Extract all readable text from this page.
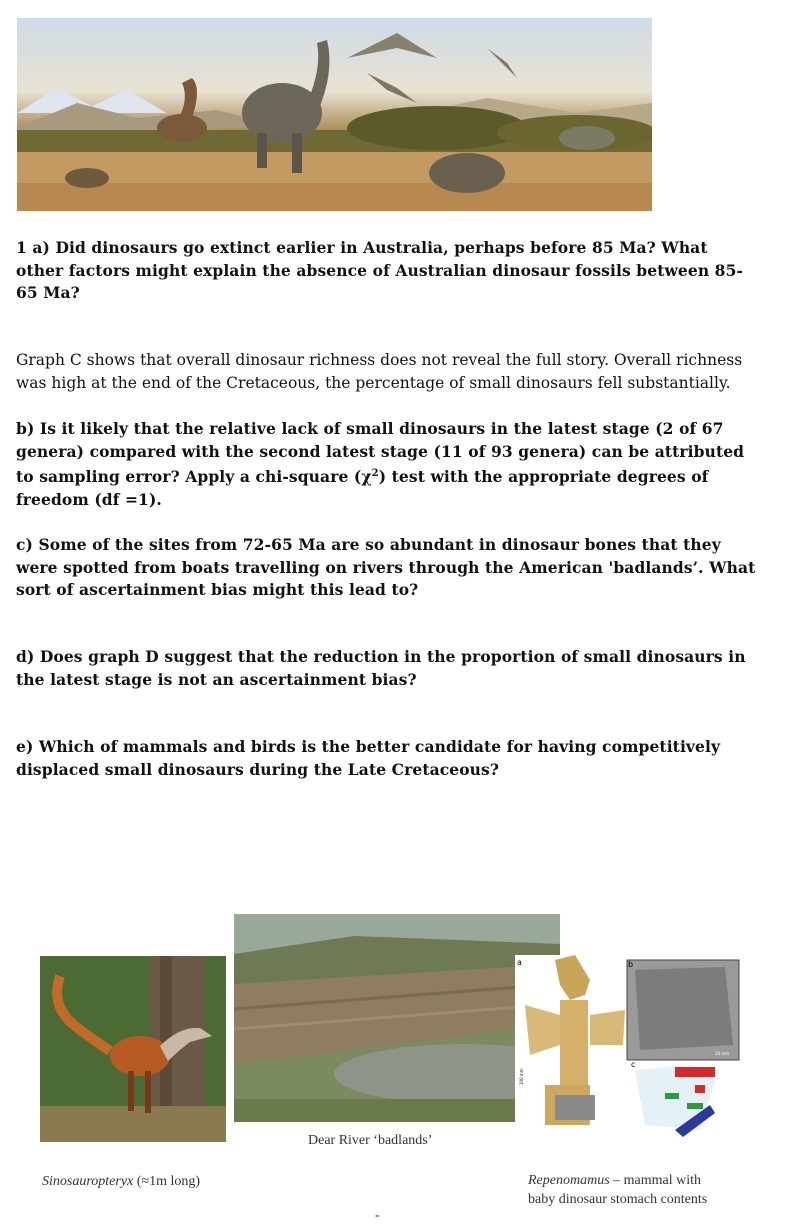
1 a) Did dinosaurs go extinct earlier in Australia, perhaps before 85 Ma? What other factors might explain the absence of Australian dinosaur fossils between 85-65 Ma?

Graph C shows that overall dinosaur richness does not reveal the full story. Overall richness was high at the end of the Cretaceous, the percentage of small dinosaurs fell substantially.

b) Is it likely that the relative lack of small dinosaurs in the latest stage (2 of 67 genera) compared with the second latest stage (11 of 93 genera) can be attributed to sampling error? Apply a chi-square $(\chi^2)$ test with the appropriate degrees of freedom (df =1).

c) Some of the sites from 72-65 Ma are so abundant in dinosaur bones that they were spotted from boats travelling on rivers through the American 'badlands’. What sort of ascertainment bias might this lead to?

d) Does graph D suggest that the reduction in the proportion of small dinosaurs in the latest stage is not an ascertainment bias?

e) Which of mammals and birds is the better candidate for having competitively displaced small dinosaurs during the Late Cretaceous?

Dear River ‘badlands’
a	b
c
10 mm
100 mm
Sinosauropteryx (≈1m long)	Repenomamus – mammal with
baby dinosaur stomach contents
-
